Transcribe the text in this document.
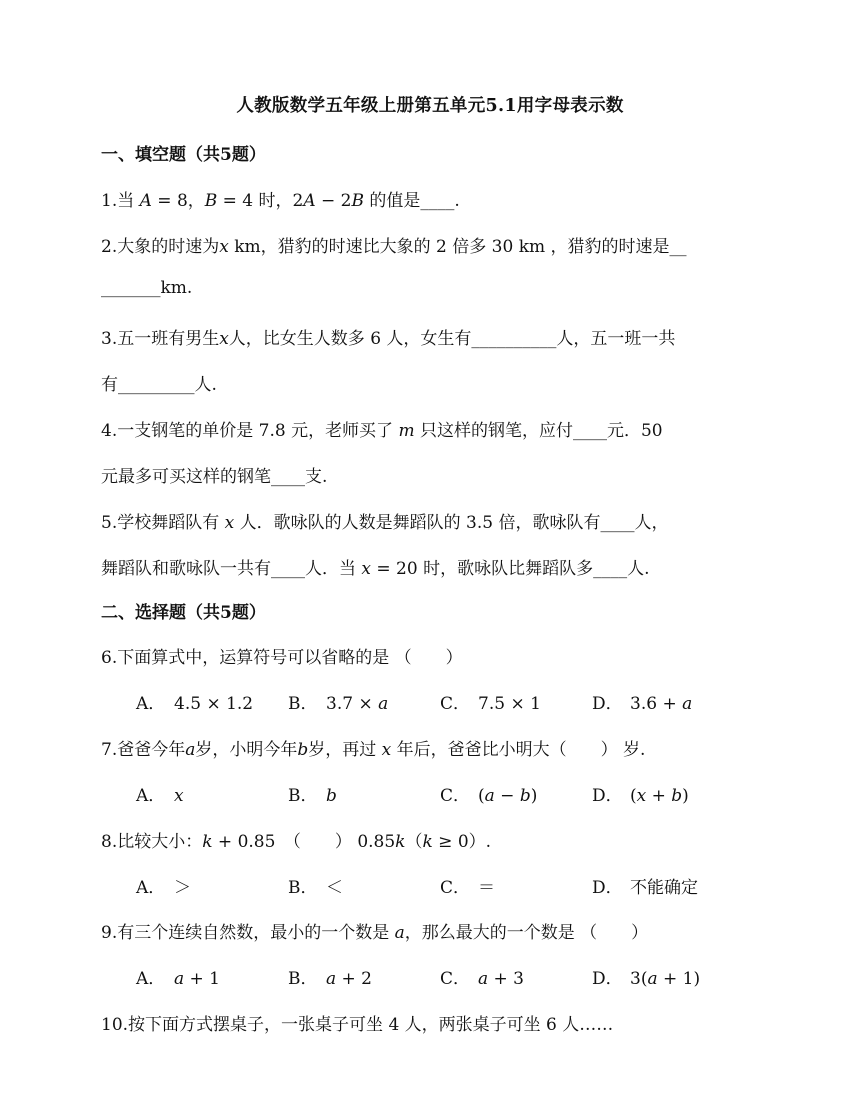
人教版数学五年级上册第五单元5.1用字母表示数
一、填空题（共5题）
1.当 𝐴 = 8，𝐵 = 4 时，2𝐴 − 2𝐵 的值是____.
2.大象的时速为𝑥 km，猎豹的时速比大象的 2 倍多 30 km ，猎豹的时速是__
_______km.
3.五一班有男生𝑥人，比女生人数多 6 人，女生有__________人，五一班一共
有_________人.
4.一支钢笔的单价是 7.8 元，老师买了 𝑚 只这样的钢笔，应付____元．50
元最多可买这样的钢笔____支.
5.学校舞蹈队有 𝑥 人．歌咏队的人数是舞蹈队的 3.5 倍，歌咏队有____人，
舞蹈队和歌咏队一共有____人．当 𝑥 = 20 时，歌咏队比舞蹈队多____人.
二、选择题（共5题）
6.下面算式中，运算符号可以省略的是 （　　）
A． 4.5 × 1.2 B． 3.7 × 𝑎	C． 7.5 × 1	D． 3.6 + 𝑎
7.爸爸今年𝑎岁，小明今年𝑏岁，再过 𝑥 年后，爸爸比小明大（　　） 岁.
A． 𝑥	B． 𝑏	C． (𝑎 − 𝑏)	D． (𝑥 + 𝑏)
8.比较大小：𝑘 + 0.85　（　　） 0.85𝑘（𝑘 ≥ 0）.
A． ＞	B． ＜	C． ＝	D． 不能确定
9.有三个连续自然数，最小的一个数是 𝑎，那么最大的一个数是 （　　）
A． 𝑎 + 1	B． 𝑎 + 2	C． 𝑎 + 3	D． 3(𝑎 + 1)
10.按下面方式摆桌子，一张桌子可坐 4 人，两张桌子可坐 6 人……
